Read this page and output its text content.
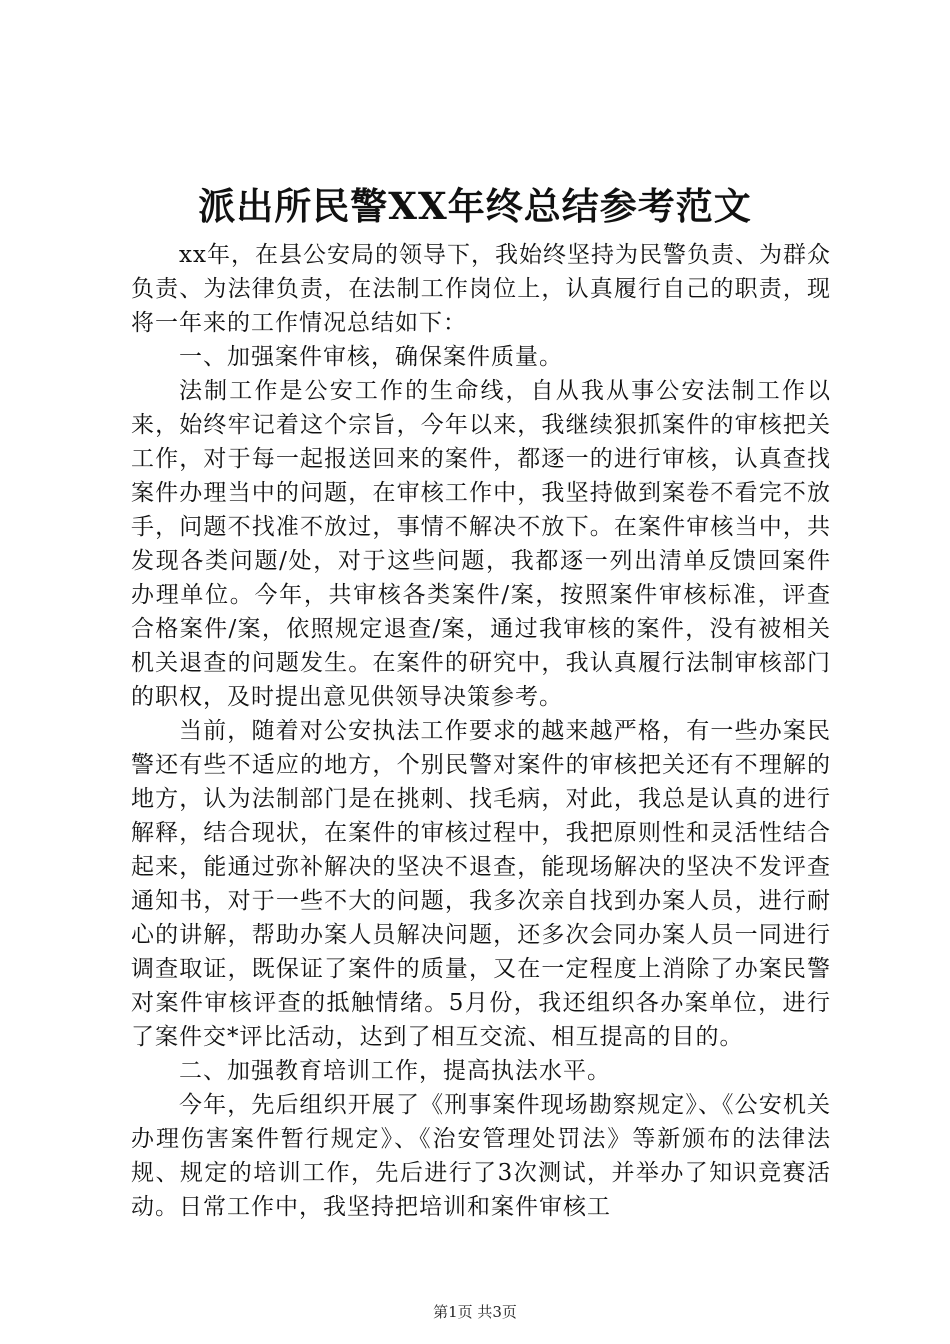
派出所民警XX年终总结参考范文

xx年，在县公安局的领导下，我始终坚持为民警负责、为群众负责、为法律负责，在法制工作岗位上，认真履行自己的职责，现将一年来的工作情况总结如下：

一、加强案件审核，确保案件质量。

法制工作是公安工作的生命线，自从我从事公安法制工作以来，始终牢记着这个宗旨，今年以来，我继续狠抓案件的审核把关工作，对于每一起报送回来的案件，都逐一的进行审核，认真查找案件办理当中的问题，在审核工作中，我坚持做到案卷不看完不放手，问题不找准不放过，事情不解决不放下。在案件审核当中，共发现各类问题/处，对于这些问题，我都逐一列出清单反馈回案件办理单位。今年，共审核各类案件/案，按照案件审核标准，评查合格案件/案，依照规定退查/案，通过我审核的案件，没有被相关机关退查的问题发生。在案件的研究中，我认真履行法制审核部门的职权，及时提出意见供领导决策参考。

当前，随着对公安执法工作要求的越来越严格，有一些办案民警还有些不适应的地方，个别民警对案件的审核把关还有不理解的地方，认为法制部门是在挑刺、找毛病，对此，我总是认真的进行解释，结合现状，在案件的审核过程中，我把原则性和灵活性结合起来，能通过弥补解决的坚决不退查，能现场解决的坚决不发评查通知书，对于一些不大的问题，我多次亲自找到办案人员，进行耐心的讲解，帮助办案人员解决问题，还多次会同办案人员一同进行调查取证，既保证了案件的质量，又在一定程度上消除了办案民警对案件审核评查的抵触情绪。5月份，我还组织各办案单位，进行了案件交*评比活动，达到了相互交流、相互提高的目的。

二、加强教育培训工作，提高执法水平。

今年，先后组织开展了《刑事案件现场勘察规定》、《公安机关办理伤害案件暂行规定》、《治安管理处罚法》等新颁布的法律法规、规定的培训工作，先后进行了3次测试，并举办了知识竞赛活动。日常工作中，我坚持把培训和案件审核工

第1页 共3页
